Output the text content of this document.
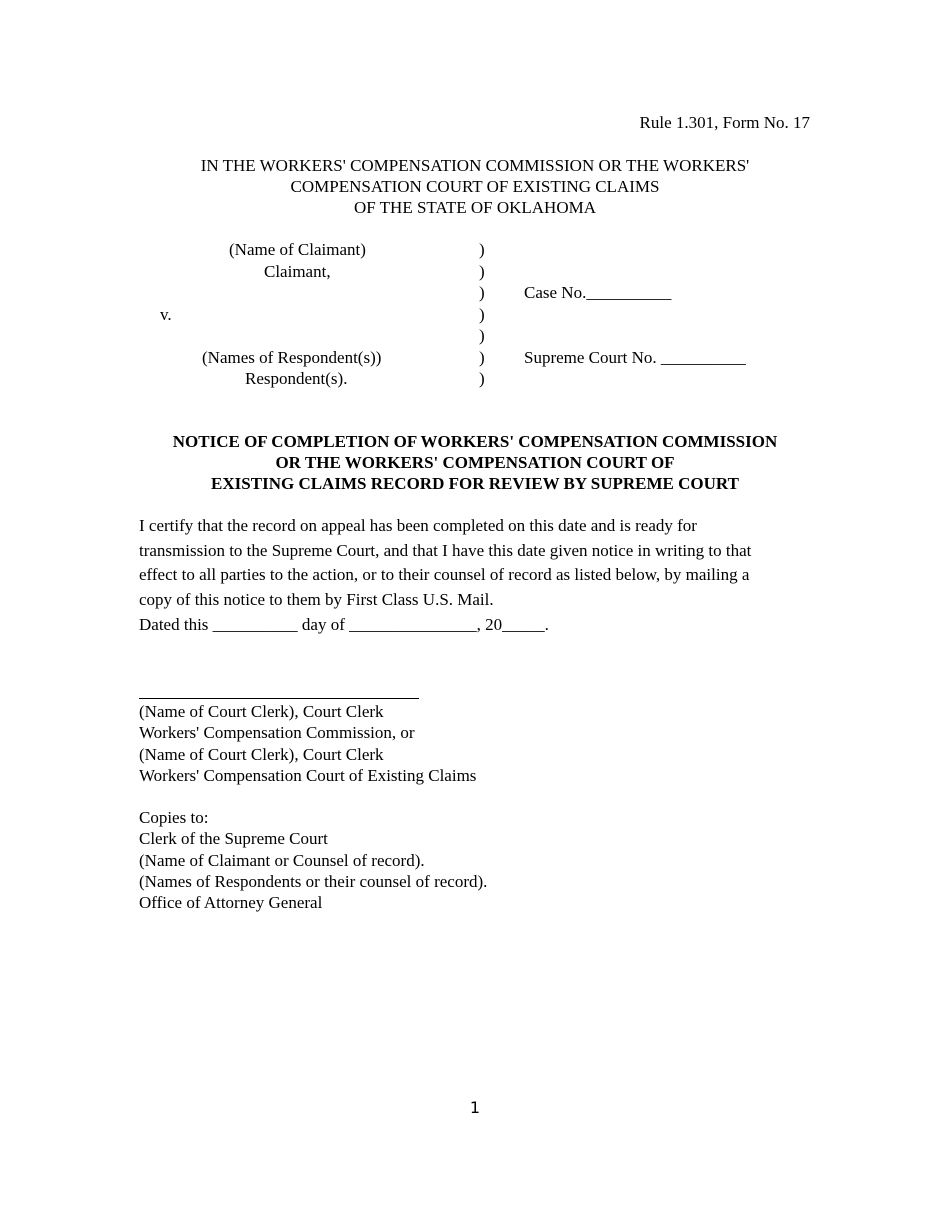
Rule 1.301, Form No. 17
IN THE WORKERS' COMPENSATION COMMISSION OR THE WORKERS'
COMPENSATION COURT OF EXISTING CLAIMS
OF THE STATE OF OKLAHOMA
(Name of Claimant)
Claimant,
v.
(Names of Respondent(s))
Respondent(s).
)
)
)
)
)
)
)
Case No.__________
Supreme Court No. __________
NOTICE OF COMPLETION OF WORKERS' COMPENSATION COMMISSION
OR THE WORKERS' COMPENSATION COURT OF
EXISTING CLAIMS RECORD FOR REVIEW BY SUPREME COURT
I certify that the record on appeal has been completed on this date and is ready for
transmission to the Supreme Court, and that I have this date given notice in writing to that
effect to all parties to the action, or to their counsel of record as listed below, by mailing a
copy of this notice to them by First Class U.S. Mail.
Dated this __________ day of _______________, 20_____.
(Name of Court Clerk), Court Clerk
Workers' Compensation Commission, or
(Name of Court Clerk), Court Clerk
Workers' Compensation Court of Existing Claims
Copies to:
Clerk of the Supreme Court
(Name of Claimant or Counsel of record).
(Names of Respondents or their counsel of record).
Office of Attorney General
1
